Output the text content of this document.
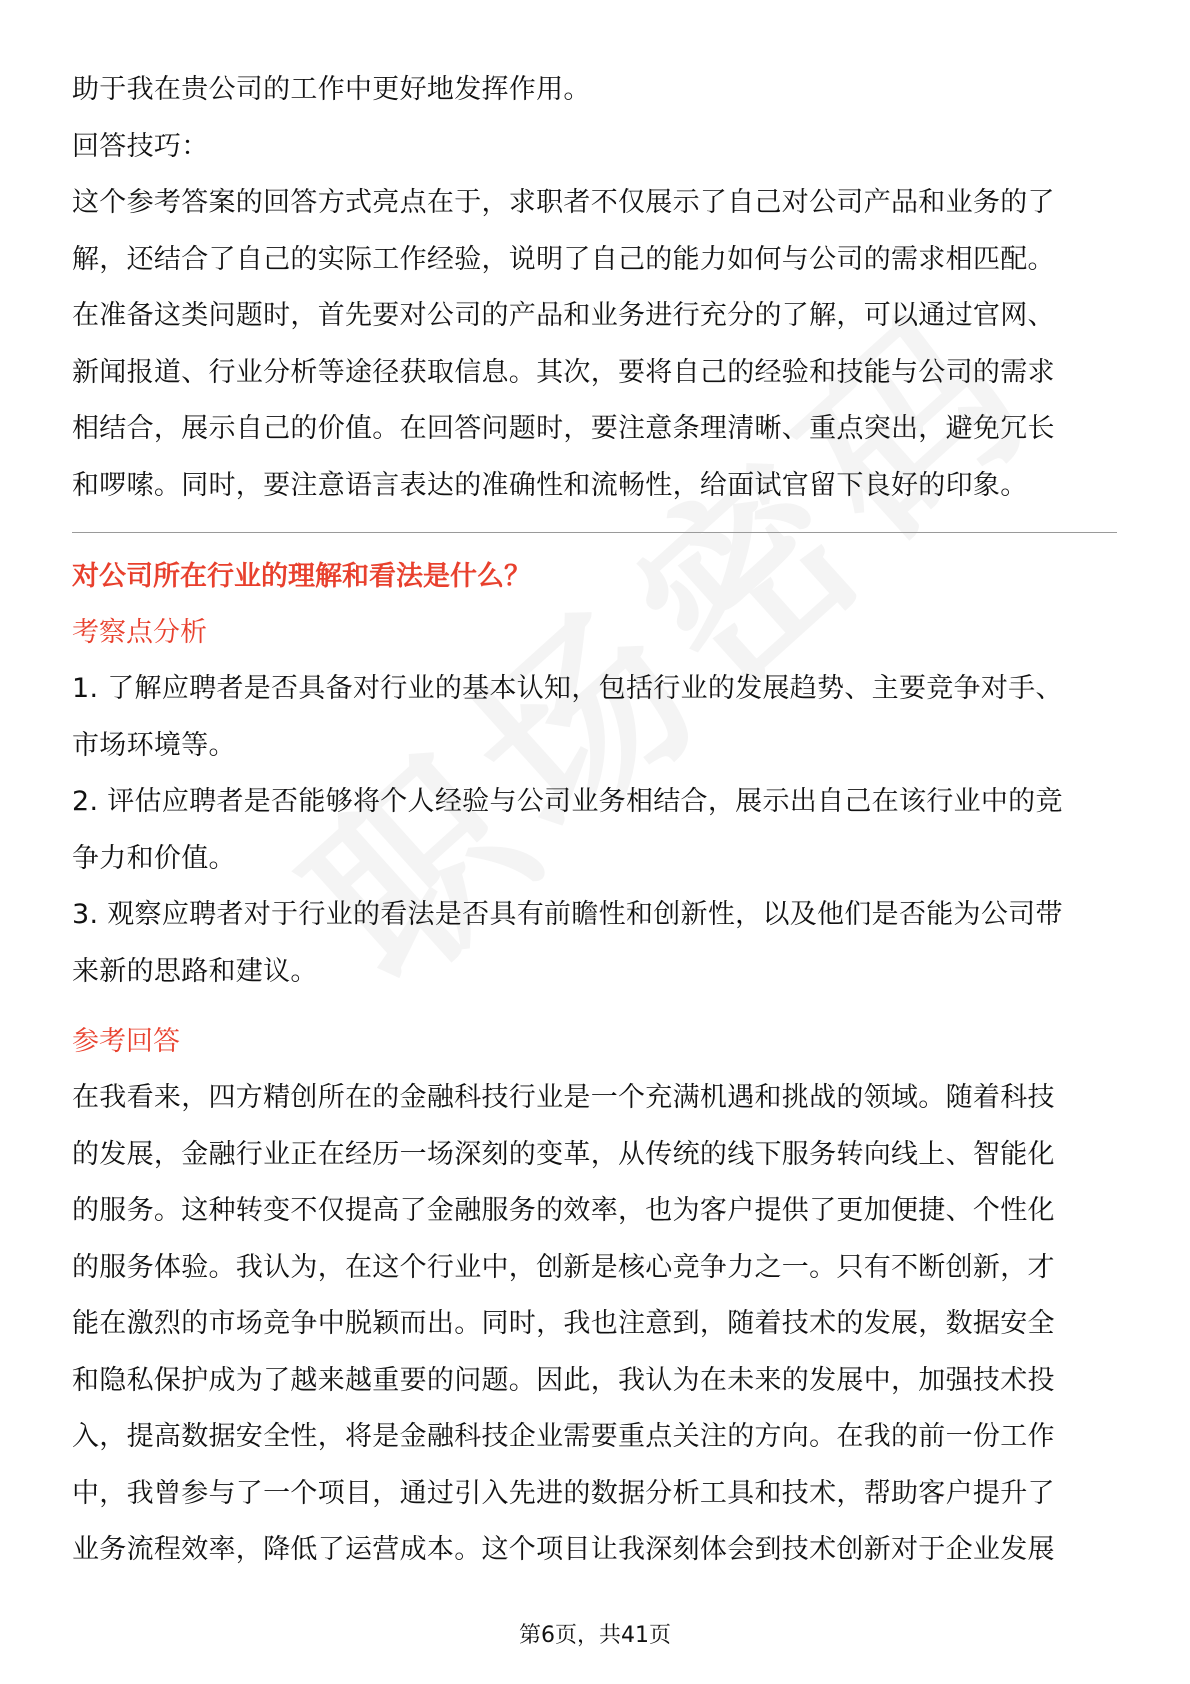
助于我在贵公司的工作中更好地发挥作用。
回答技巧：
这个参考答案的回答方式亮点在于，求职者不仅展示了自己对公司产品和业务的了
解，还结合了自己的实际工作经验，说明了自己的能力如何与公司的需求相匹配。
在准备这类问题时，首先要对公司的产品和业务进行充分的了解，可以通过官网、
新闻报道、行业分析等途径获取信息。其次，要将自己的经验和技能与公司的需求
相结合，展示自己的价值。在回答问题时，要注意条理清晰、重点突出，避免冗长
和啰嗦。同时，要注意语言表达的准确性和流畅性，给面试官留下良好的印象。
对公司所在行业的理解和看法是什么？
考察点分析
1. 了解应聘者是否具备对行业的基本认知，包括行业的发展趋势、主要竞争对手、
市场环境等。
2. 评估应聘者是否能够将个人经验与公司业务相结合，展示出自己在该行业中的竞
争力和价值。
3. 观察应聘者对于行业的看法是否具有前瞻性和创新性，以及他们是否能为公司带
来新的思路和建议。
参考回答
在我看来，四方精创所在的金融科技行业是一个充满机遇和挑战的领域。随着科技
的发展，金融行业正在经历一场深刻的变革，从传统的线下服务转向线上、智能化
的服务。这种转变不仅提高了金融服务的效率，也为客户提供了更加便捷、个性化
的服务体验。我认为，在这个行业中，创新是核心竞争力之一。只有不断创新，才
能在激烈的市场竞争中脱颖而出。同时，我也注意到，随着技术的发展，数据安全
和隐私保护成为了越来越重要的问题。因此，我认为在未来的发展中，加强技术投
入，提高数据安全性，将是金融科技企业需要重点关注的方向。在我的前一份工作
中，我曾参与了一个项目，通过引入先进的数据分析工具和技术，帮助客户提升了
业务流程效率，降低了运营成本。这个项目让我深刻体会到技术创新对于企业发展
第6页，共41页
